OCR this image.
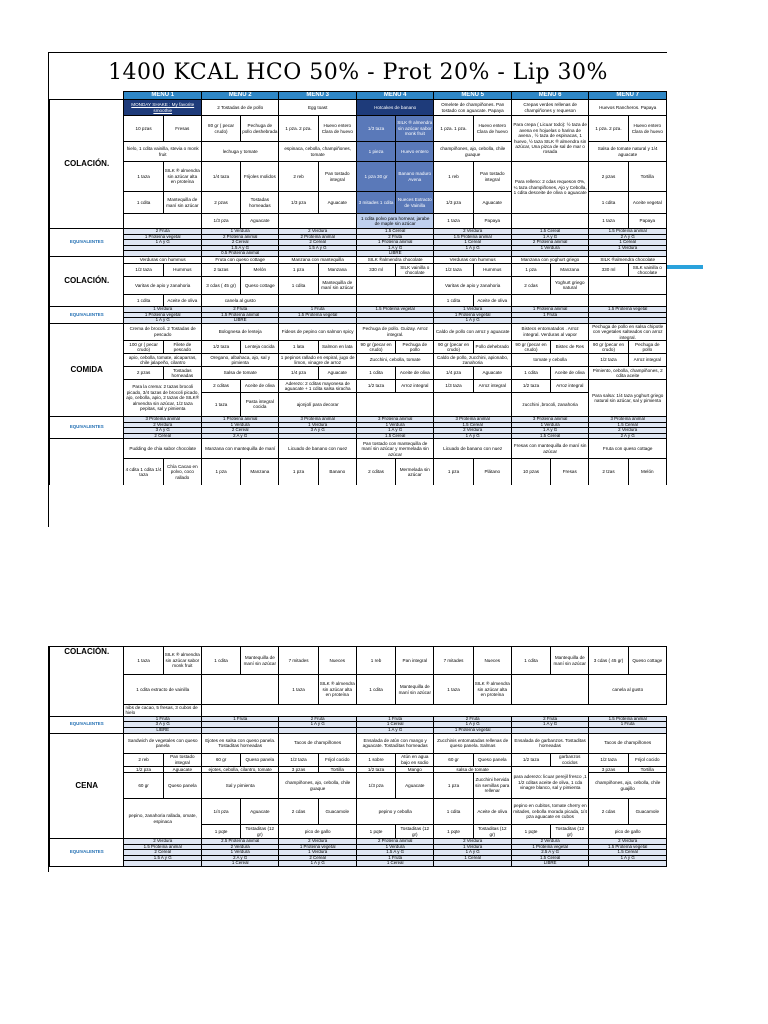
1400 KCAL HCO 50% - Prot 20% - Lip 30%
	MENU 1		MENU 2		MENU 3		MENU 4		MENU 5		MENU 6		MENU 7	
COLACIÓN.	MONDAY SHAKE : My favorite smoothie		2 Tostadas de de pollo		Egg toast		Hotcakes de banano		Omelete de champiñones. Pan tostado con aguacate. Papaya		Crepas verdes rellenas de champiñones y requeson		Huevos Rancheros. Papaya	
	10 pzas	Fresas	80 gr ( pecar crudo)	Pechuga de pollo deshebrada	1 pza. 2 pza.	Huevo entero Clara de huevo	1/3 taza	SILK ® almendra sin azúcar sabor monk fruit	1 pza. 1 pza.	Huevo entero Clara de huevo	Para crepa ( Licuar todo): ½ taza de avena en hojuelas o harina de avena , ½ taza de espinacas, 1 huevo, ½ taza SILK ® almendra sin azúcar, Una pizca de sal de mar o rosada		1 pza. 2 pza.	Huevo entero Clara de huevo
	hielo, 1 cdita vainilla, stevia o monk fruit		lechuga y tomate		espinaca, cebolla, champiñones, tomate		1 pieza	Huevo entero	champiñones, ajo, cebolla, chile guaque				Salsa de tomate natural y 1/4 aguacate	
	1 taza	SILK ® almendra sin azúcar alta en proteína	1/4 taza	Frijoles molidos	2 reb	Pan tostado integral	1 pza 30 gr	Banano maduro Avena	1 reb	Pan tostado integral	Para relleno: 2 cdas requeson 0%, ¼ taza champiñones, Ajo y Cebolla, 1 cdita desceite de oliva o aguacate		2 pzas	Tortilla
	1 cdita	Mantequilla de maní sin azúcar	2 pzas	Tostadas horneadas	1/3 pza	Aguacate	3 mitades 1 cdita	Nueces Extracto de Vainilla	1/3 pza	Aguacate			1 cdita	Aceite vegetal
			1/3 pza	Aguacate			1 cdita polvo para hornear, jarabe de maple sin azúcar		1 taza	Papaya			1 taza	Papaya
EQUIVALENTES	2 Fruta		1 Verdura		2 Verdura		1.5 Cereal		2 Verdura		1.5 Cereal		1.5 Proteína animal	
	1 Proteína vegetal		2 Proteína animal		2 Proteína animal		2 Fruta		1.5 Proteína animal		1 A y G		2 A y G	
	1 A y G		2 Cereal		2 Cereal		1 Proteína animal		1 Cereal		2 Proteína animal		1 Cereal	
			1.5 A y G		1.5 A y G		1 A y G		1 A y G		1 Verdura		1 Verdura	
			0.5 Proteína animal				LIBRE							
COLACIÓN.	Verduras con hummus		Fruta con queso cottage		Manzana con mantequilla		SILK ®almendra chocolate		Verduras con hummus		Manzana con yoghurt griego		SILK ®almendra chocolate	
	1/2 taza	Hummus	2 tazas	Melón	1 pza	Manzana	330 ml	SILK vainilla o chocolate	1/2 taza	Hummus	1 pza	Manzana	330 ml	SILK vainilla o chocolate
	Varitas de apio y zanahoria		3 cdas ( 45 gr)	Queso cottage	1 cdita	Mantequilla de maní sin azúcar			Varitas de apio y zanahoria		2 cdas	Yoghurt griego natural		
	1 cdita	Aceite de oliva	canela al gusto						1 cdita	Aceite de oliva				
EQUIVALENTES	1 Verdura		2 Fruta		1 Fruta		1.5 Proteína vegetal		1 Verdura		1 Proteína animal		1.5 Proteína vegetal	
	1 Proteína vegetal		1.5 Proteína animal		1.5 Proteína vegetal				1 Proteína vegetal		1 Fruta			
	1 A y G		LIBRE						1 A y G					
COMIDA	Crema de brocoli. 2 Tostadas de pescado		Bolognesa de lenteja		Fideos de pepino con salmon spicy		Pechuga de pollo. Guizay. Arroz integral.		Caldo de pollo con arroz y aguacate		Bistecs entomatados . Arroz integral. Verduras al vapor		Pechuga de pollo en salsa chipotle con vegetales salteados con arroz integral.	
	100 gr ( pecar crudo)	Filete de pescado	1/2 taza	Lenteja cocida	1 lata	Salmon en lata	90 gr (pecar en crudo)	Pechuga de pollo	90 gr (pecar en crudo)	Pollo dehebrado	90 gr (pecar en crudo)	Bistec de Res	90 gr (pecar en crudo)	Pechuga de pollo
	apio, cebolla, tomate, alcaparras, chile jalapeño, cilantro		Oregano, albahaca, ajo, sal y pimienta		1 pepinos rallado en espiral, jugo de limon, vinagre de arroz		Zucchini, cebolla, tomate		Caldo de pollo, zucchini, apionabo, zanahoria		tomate y cebolla		1/2 taza	Arroz integral
	2 pzas	Tostadas horneadas	Salsa de tomate		1/4 pza	Aguacate	1 cdita	Aceite de oliva	1/4 pza	Aguacate	1 cdita	Aceite de oliva	Pimiento, cebolla, champiñones, 2 cdita aceite	
	Para la crema: 2 tazas brocoli picado, 3/4 tazas de brocoli picado, ajo, cebolla, apio, 2 tazas de SILK® almendra sin azúcar, 1/2 taza pepitas, sal y pimienta		2 cditas	Aceite de oliva	Aderezo: 2 cditas mayonesa de aguacate + 1 cdita salsa siracha		1/2 taza	Arroz integral	1/3 taza	Arroz integral	1/2 taza	Arroz integral	Para salsa: 1/4 taza yoghurt griego natural sin azúcar, sal y pimienta	
			1 taza	Pasta integral cocida	ajonjolí para decorar						zucchini ,brocoli, zanahoria			
EQUIVALENTES	3 Proteína animal		1 Proteína animal		3 Proteína animal		3 Proteína animal		3 Proteína animal		3 Proteína animal		3 Proteína animal	
	2 Verdura		1 Verdura		1 Verdura		1 Verdura		1.5 Cereal		1 Verdura		1.5 Cereal	
	3 A y G		2 Cereal		3 A y G		1 A y G		2 Verdura		1 A y G		2 Verdura	
	2 Cereal		2 A y G				1.5 Cereal		1 A y G		1.5 Cereal		2 A y G	
	Pudding de chia sabor chocolate		Manzana con mantequilla de maní		Licuado de banano con nuez		Pan tostado con mantequilla de maní sin azúcar y mermelada sin azúcar		Licuado de banano con nuez		Fresas con mantequilla de maní sin azúcar		Fruta con queso cottage	
	4 cdita 1 cdita 1/4 taza	Chía Cacao en polvo, coco rallado	1 pza	Manzana	1 pza	Banano	2 cditas	Mermelada sin azúcar	1 pza	Plátano	10 pzas	Fresas	2 tzas	Melón
COLACIÓN.	1 taza	SILK ® almendra sin azúcar sabor monk fruit	1 cdita	Mantequilla de maní sin azúcar	7 mitades	Nueces	1 reb	Pan integral	7 mitades	Nueces	1 cdita	Mantequilla de maní sin azúcar	3 cdas ( 45 gr)	Queso cottage
	1 cdita extracto de vainilla				1 taza	SILK ® almendra sin azúcar alta en proteína	1 cdita	Mantequilla de maní sin azúcar	1 taza	SILK ® almendra sin azúcar alta en proteína			canela al gusto	
	nibs de cacao, 5 fresas, 3 cubos de hielo													
EQUIVALENTES	1 Fruta		1 Fruta		2 Fruta		1 Fruta		2 Fruta		2 Fruta		1.5 Proteína animal	
	3 A y G				1 A y G		1 Cereal		1 A y G		1 A y G		1 Fruta	
	LIBRE						1 A y G		1 Proteína vegetal					
CENA	Sandwich de vegetales con queso panela		Ejotes en salsa con queso panela. Tostaditas horneadas		Tacos de champiñones		Ensalada de atún con mango y aguacate. Tostaditas horneadas		Zucchinis entomatadas rellenas de queso panela. Salmas		Ensalada de garbanzos. Tostaditas horneadas		Tacos de champiñones	
	2 reb	Pan tostado integral	60 gr	Queso panela	1/2 taza	Frijol cocido	1 sobre	Atún en agua bajo en sodio	60 gr	Queso panela	1/2 taza	garbanzos cocidos	1/2 taza	Frijol cocido
	1/2 pza	Aguacate	ejotes, cebolla, cilantro, tomate		3 pzas	Tortilla	1/2 taza	Mango	salsa de tomate		para aderezo: licuar perejil fresco ,1 1/2 cditas aceite de oliva, 1 cda vinagre blanco, sal y pimienta		3 pzas	Tortilla
	60 gr	Queso panela	Sal y pimienta		champiñones, ajo, cebolla, chile guaque		1/3 pza	Aguacate	1 pza	Zucchini hervida sin semillas para rellenar			champiñones, ajo, cebolla, chile guajillo	
	pepino, zanahoria rallada, omate, espinaca		1/4 pza	Aguacate	2 cdas	Guacamole	pepino y cebolla		1 cdita	Aceite de oliva	pepino en cubitos, tomate cherry en mitades, cebolla morada picada, 1/4 pza aguacate en cubos		2 cdas	Guacamole
			1 pqte	Tostaditas (12 gr)	pico de gallo		1 pqte	Tostaditas (12 gr)	1 pqte	Tostaditas (12 gr)	1 pqte	Tostaditas (12 gr)	pico de gallo	
EQUIVALENTES	2 Verdura		2.5 Proteína animal		2 Verdura		2 Proteína animal		2 Verdura		2 Verdura		2 Verdura	
	1.5 Proteína animal		2 Verdura		1 Proteína vegetal		1 Verdura		1 Verdura		1 Proteína vegetal		1.5 Proteína vegetal	
	2 Cereal		1 Verdura		1 Verdura		1.5 A y G		1 A y G		2.5 A y G		1.5 Cereal	
	1.5 A y G		2 A y G		2 Cereal		1 Fruta		1 Cereal		1.5 Cereal		1 A y G	
			1 Cereal		1 A y G		1 Cereal				LIBRE			
